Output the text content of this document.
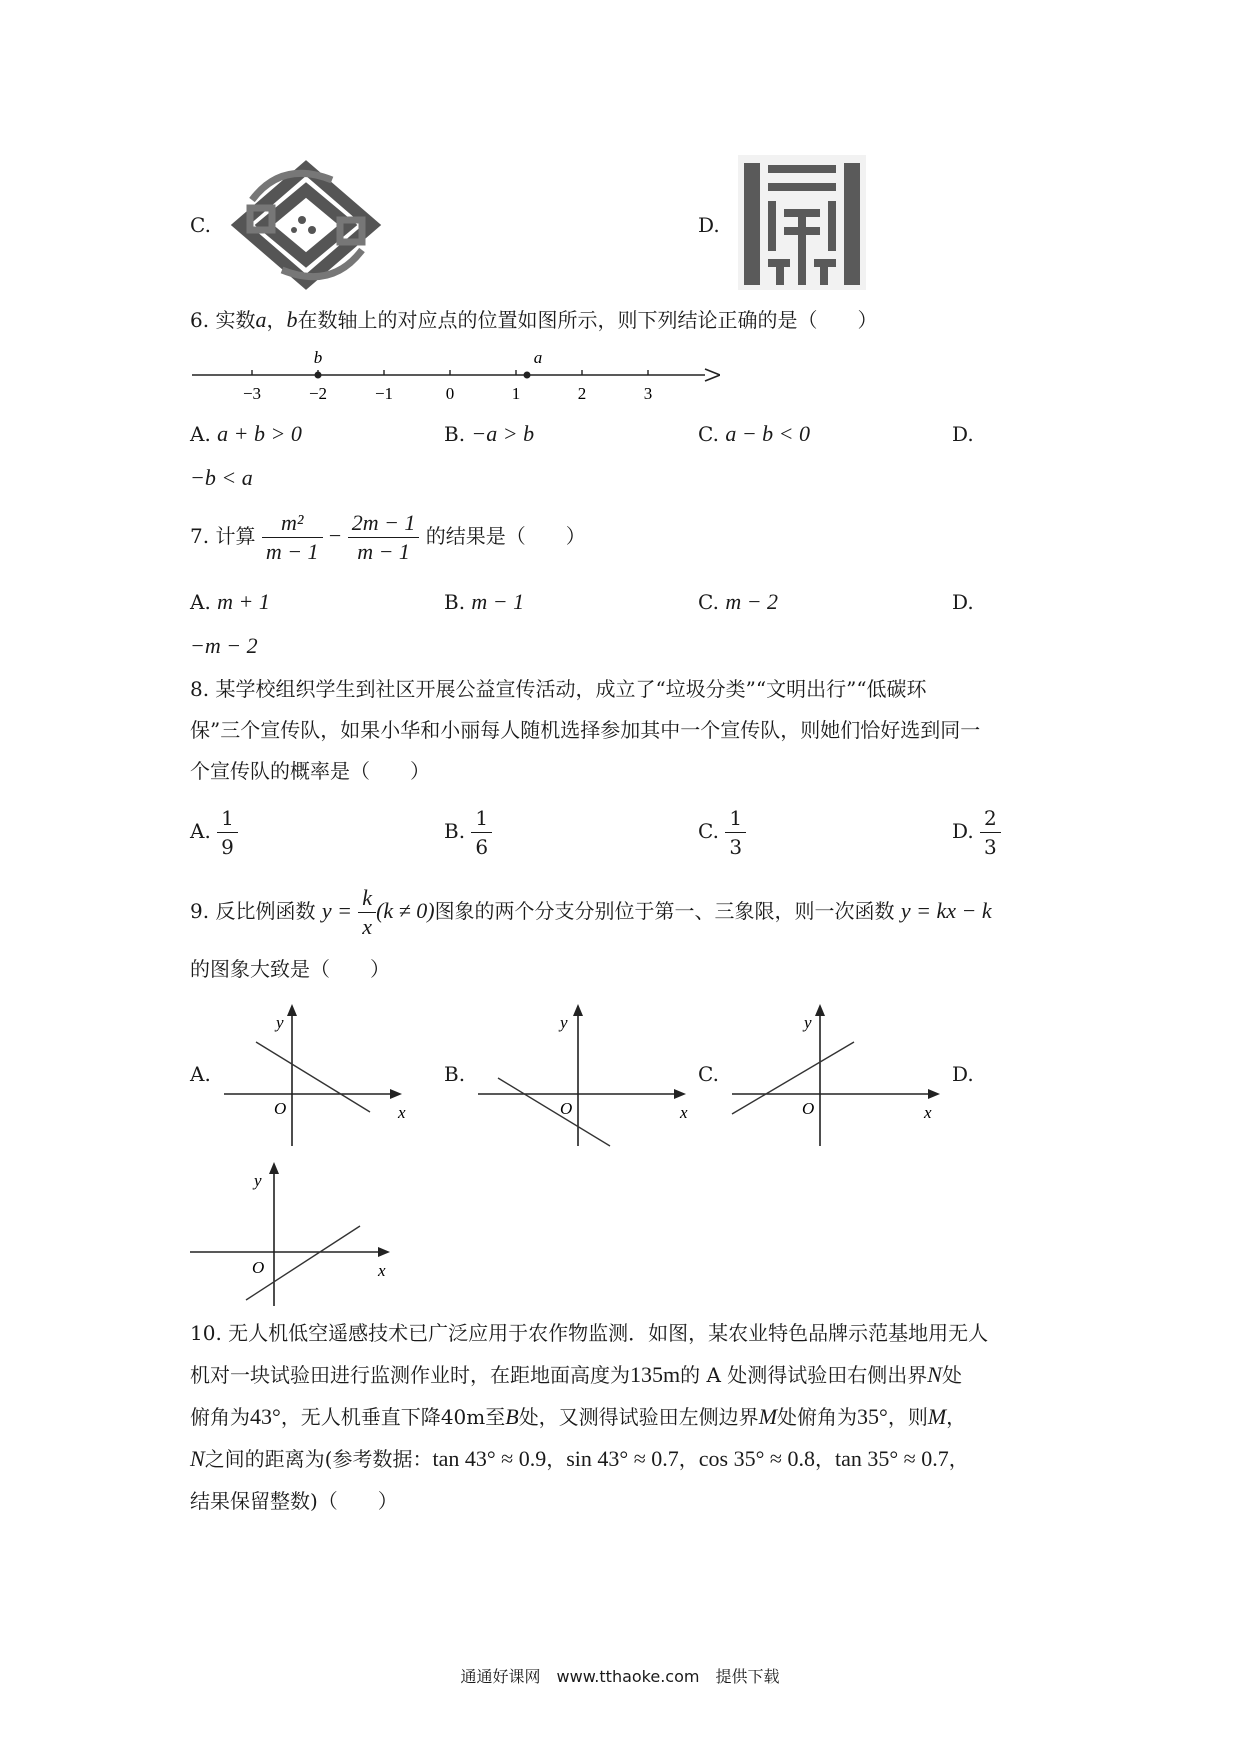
C.	D.
6. 实数a，b在数轴上的对应点的位置如图所示，则下列结论正确的是（　　）
−3	−2	−1	0	1	2	3
b	a
A. a + b > 0	B. −a > b	C. a − b < 0	D.
−b < a
7. 计算 $\frac{\text{m²}}{m - 1} - \frac{2m - 1}{m - 1}$ 的结果是（　　）
A. m + 1	B. m − 1	C. m − 2	D.
−m − 2
8. 某学校组织学生到社区开展公益宣传活动，成立了“垃圾分类”“文明出行”“低碳环
保”三个宣传队，如果小华和小丽每人随机选择参加其中一个宣传队，则她们恰好选到同一
个宣传队的概率是（　　）
A. $\frac{1}{9}$	B. $\frac{1}{6}$	C. $\frac{1}{3}$	D. $\frac{2}{3}$
9. 反比例函数 $y = \frac{k}{x} (k \ne 0)$图象的两个分支分别位于第一、三象限，则一次函数 y = kx − k
的图象大致是（　　）
A.	B.	C.	D.
y
x
O
y
x
O
y
x
O
y
x
O
10. 无人机低空遥感技术已广泛应用于农作物监测．如图，某农业特色品牌示范基地用无人
机对一块试验田进行监测作业时，在距地面高度为135m的 A 处测得试验田右侧出界N处
俯角为43°，无人机垂直下降40m至B处，又测得试验田左侧边界M处俯角为35°，则M，
N之间的距离为(参考数据：tan 43° ≈ 0.9，sin 43° ≈ 0.7，cos 35° ≈ 0.8，tan 35° ≈ 0.7，
结果保留整数)（　　）
通通好课网　www.tthaoke.com　提供下载
